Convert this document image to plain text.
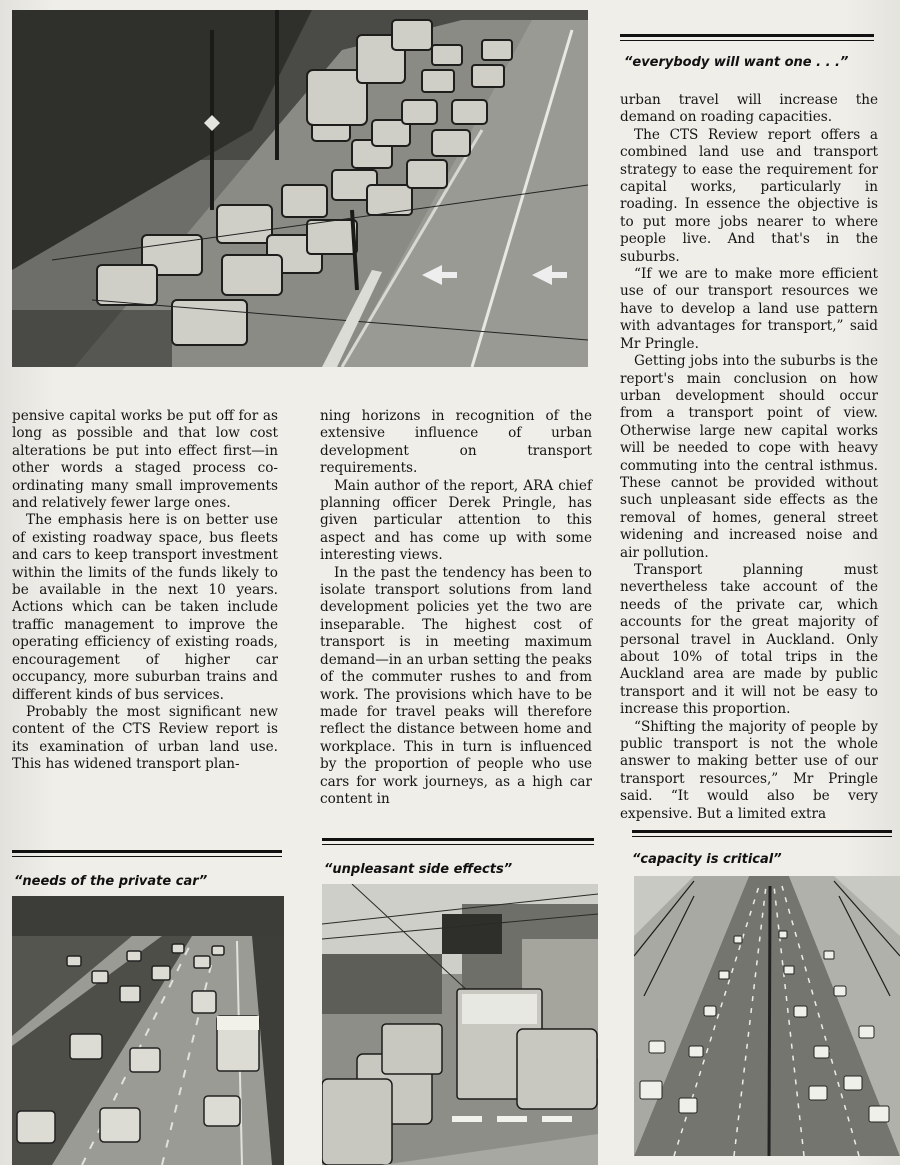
“everybody will want one . . .”

urban travel will increase the demand on roading capacities.

The CTS Review report offers a combined land use and transport strategy to ease the requirement for capital works, particularly in roading. In essence the objective is to put more jobs nearer to where people live. And that's in the suburbs.

“If we are to make more efficient use of our transport resources we have to develop a land use pattern with advantages for transport,” said Mr Pringle.

Getting jobs into the suburbs is the report's main conclusion on how urban development should occur from a transport point of view. Otherwise large new capital works will be needed to cope with heavy commuting into the central isthmus. These cannot be provided without such unpleasant side effects as the removal of homes, general street widening and increased noise and air pollution.

Transport planning must nevertheless take account of the needs of the private car, which accounts for the great majority of personal travel in Auckland. Only about 10% of total trips in the Auckland area are made by public transport and it will not be easy to increase this proportion.

“Shifting the majority of people by public transport is not the whole answer to making better use of our transport resources,” Mr Pringle said. “It would also be very expensive. But a limited extra

pensive capital works be put off for as long as possible and that low cost alterations be put into effect first—in other words a staged process co-ordinating many small improvements and relatively fewer large ones.

The emphasis here is on better use of existing roadway space, bus fleets and cars to keep transport investment within the limits of the funds likely to be available in the next 10 years. Actions which can be taken include traffic management to improve the operating efficiency of existing roads, encouragement of higher car occupancy, more suburban trains and different kinds of bus services.

Probably the most significant new content of the CTS Review report is its examination of urban land use. This has widened transport plan-

ning horizons in recognition of the extensive influence of urban development on transport requirements.

Main author of the report, ARA chief planning officer Derek Pringle, has given particular attention to this aspect and has come up with some interesting views.

In the past the tendency has been to isolate transport solutions from land development policies yet the two are inseparable. The highest cost of transport is in meeting maximum demand—in an urban setting the peaks of the commuter rushes to and from work. The provisions which have to be made for travel peaks will therefore reflect the distance between home and workplace. This in turn is influenced by the proportion of people who use cars for work journeys, as a high car content in

“needs of the private car”
“unpleasant side effects”
“capacity is critical”
